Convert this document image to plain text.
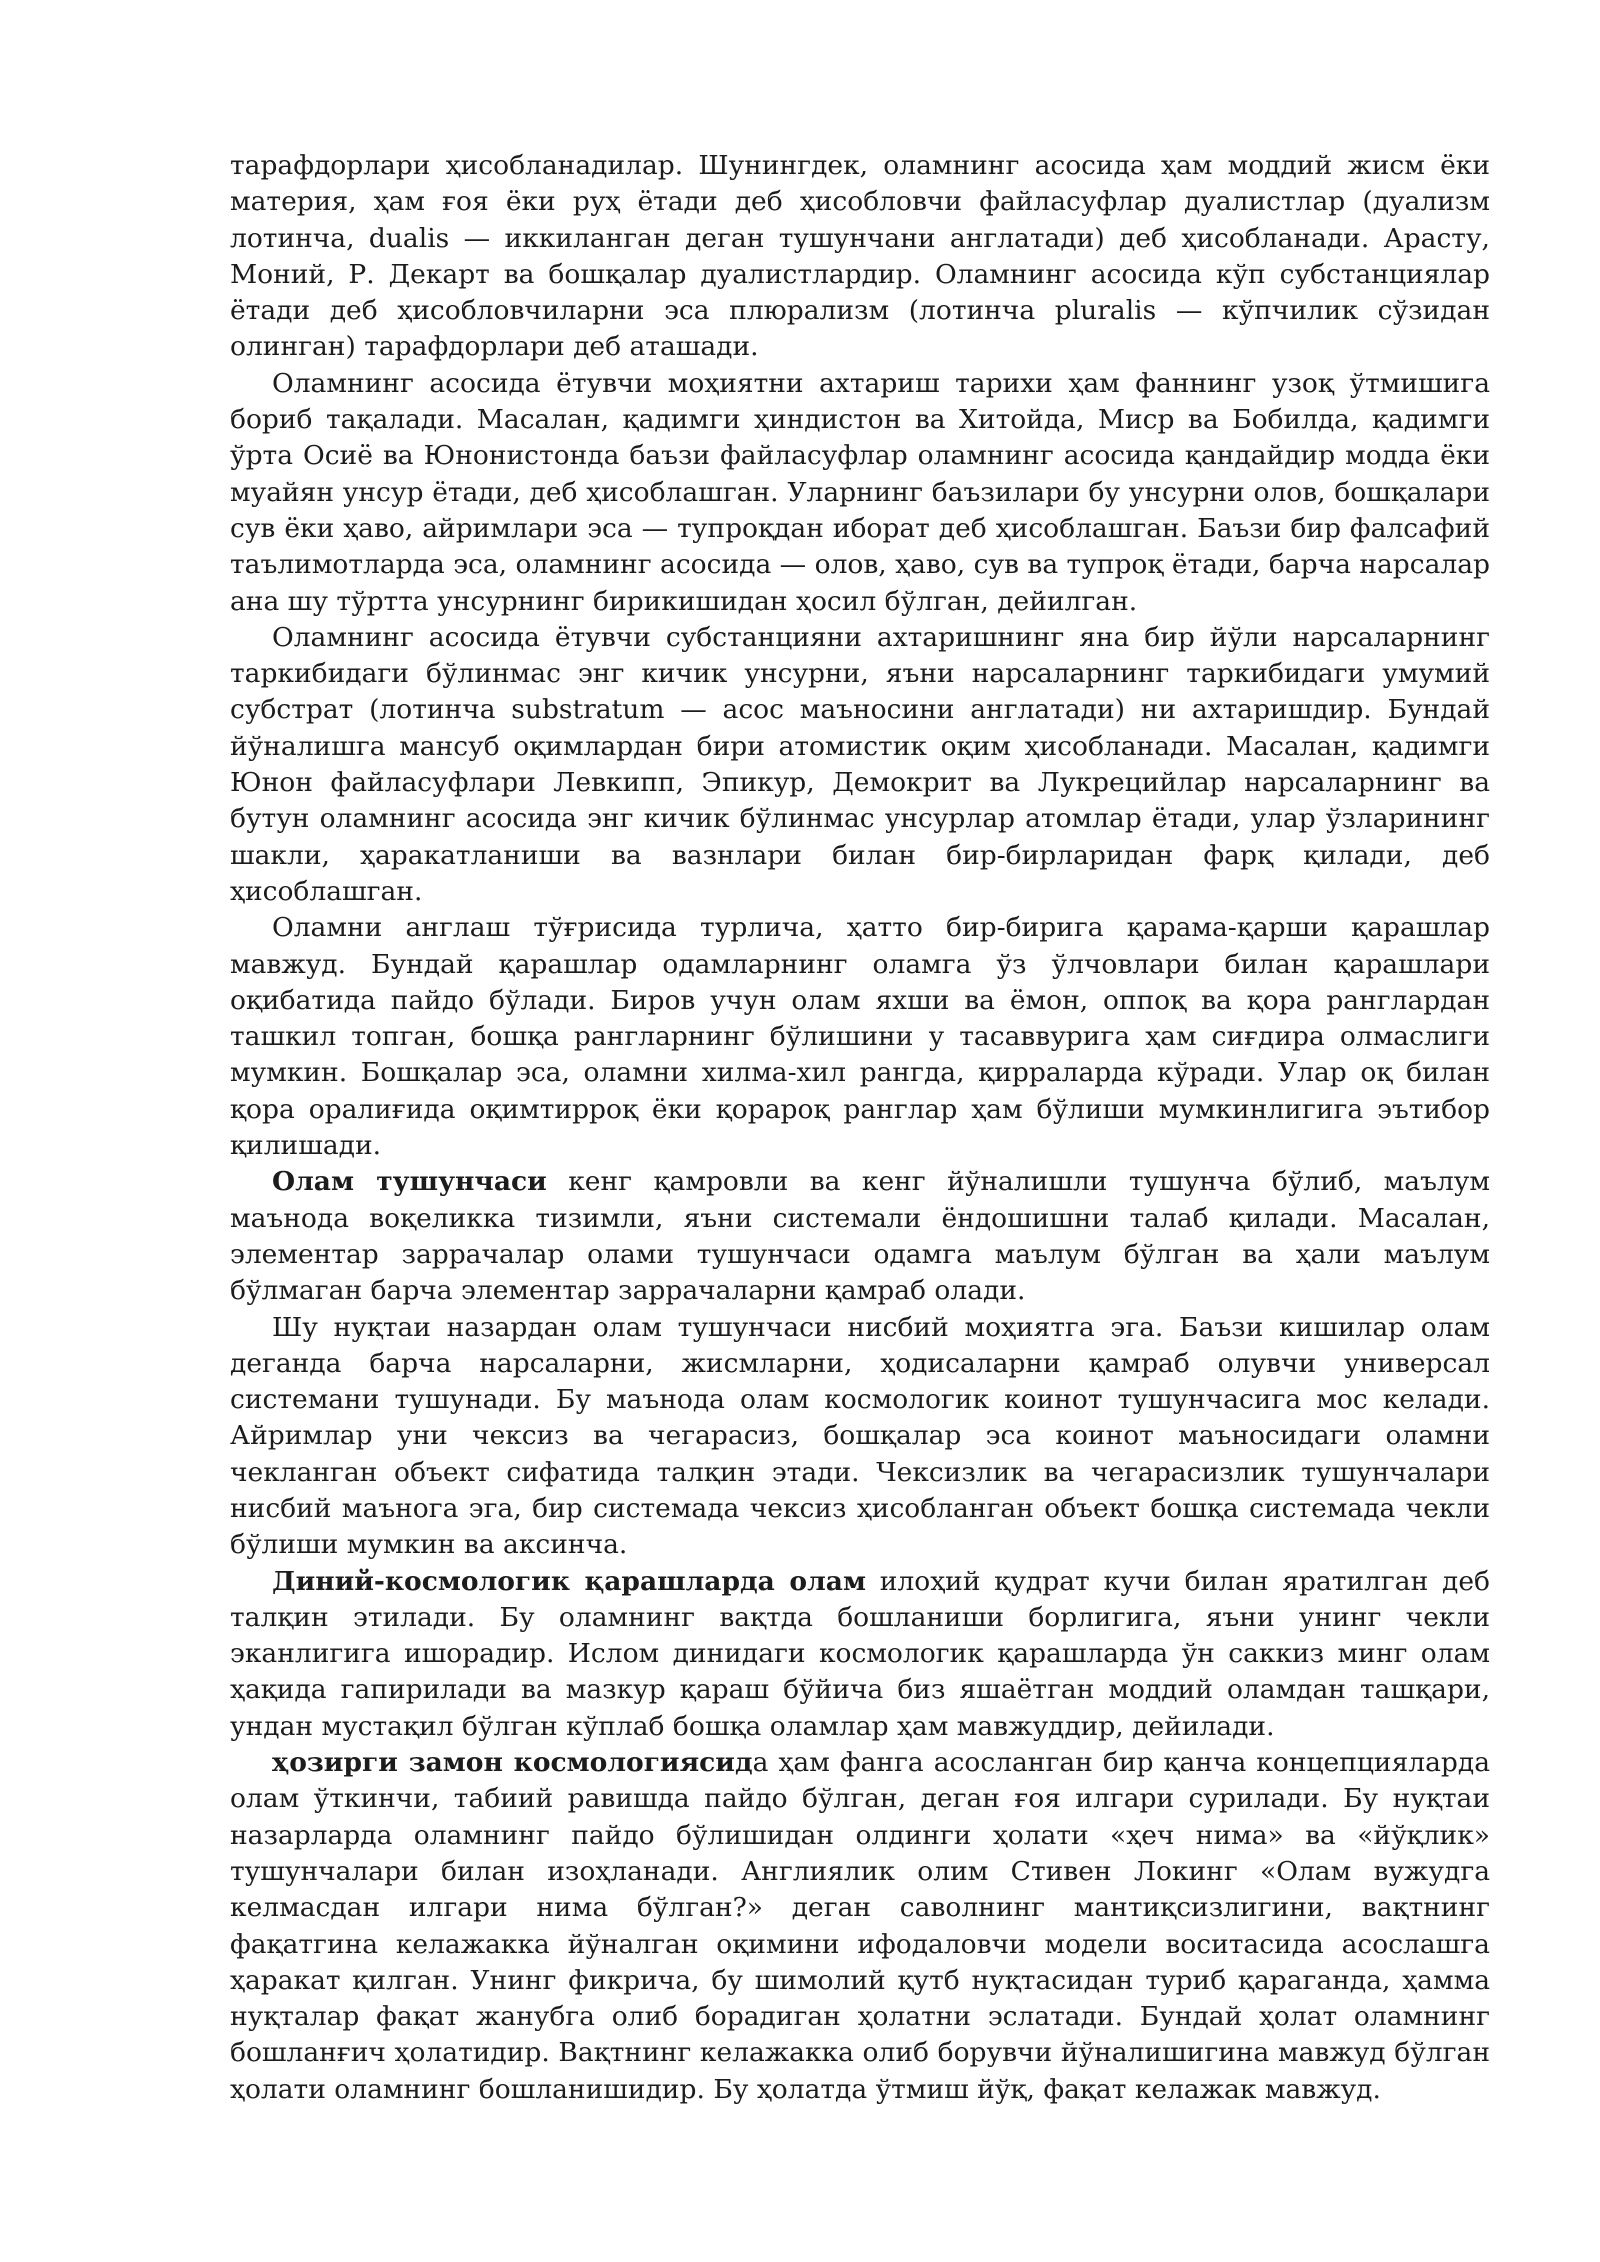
тарафдорлари ҳисобланадилар. Шунингдек, оламнинг асосида ҳам моддий жисм ёки материя, ҳам ғоя ёки руҳ ётади деб ҳисобловчи файласуфлар дуалистлар (дуализм лотинча, dualis — иккиланган деган тушунчани англатади) деб ҳисобланади. Арасту, Моний, Р. Декарт ва бошқалар дуалистлардир. Оламнинг асосида кўп субстанциялар ётади деб ҳисобловчиларни эса плюрализм (лотинча pluralis — кўпчилик сўзидан олинган) тарафдорлари деб аташади.

Оламнинг асосида ётувчи моҳиятни ахтариш тарихи ҳам фаннинг узоқ ўтмишига бориб тақалади. Масалан, қадимги ҳиндистон ва Хитойда, Миср ва Бобилда, қадимги ўрта Осиё ва Юнонистонда баъзи файласуфлар оламнинг асосида қандайдир модда ёки муайян унсур ётади, деб ҳисоблашган. Уларнинг баъзилари бу унсурни олов, бошқалари сув ёки ҳаво, айримлари эса — тупроқдан иборат деб ҳисоблашган. Баъзи бир фалсафий таълимотларда эса, оламнинг асосида — олов, ҳаво, сув ва тупроқ ётади, барча нарсалар ана шу тўртта унсурнинг бирикишидан ҳосил бўлган, дейилган.

Оламнинг асосида ётувчи субстанцияни ахтаришнинг яна бир йўли нарсаларнинг таркибидаги бўлинмас энг кичик унсурни, яъни нарсаларнинг таркибидаги умумий субстрат (лотинча substratum — асос маъносини англатади) ни ахтаришдир. Бундай йўналишга мансуб оқимлардан бири атомистик оқим ҳисобланади. Масалан, қадимги Юнон файласуфлари Левкипп, Эпикур, Демокрит ва Лукрецийлар нарсаларнинг ва бутун оламнинг асосида энг кичик бўлинмас унсурлар атомлар ётади, улар ўзларининг шакли, ҳаракатланиши ва вазнлари билан бир-бирларидан фарқ қилади, деб ҳисоблашган.

Оламни англаш тўғрисида турлича, ҳатто бир-бирига қарама-қарши қарашлар мавжуд. Бундай қарашлар одамларнинг оламга ўз ўлчовлари билан қарашлари оқибатида пайдо бўлади. Биров учун олам яхши ва ёмон, оппоқ ва қора ранглардан ташкил топган, бошқа рангларнинг бўлишини у тасаввурига ҳам сиғдира олмаслиги мумкин. Бошқалар эса, оламни хилма-хил рангда, қирраларда кўради. Улар оқ билан қора оралиғида оқимтирроқ ёки қорароқ ранглар ҳам бўлиши мумкинлигига эътибор қилишади.

Олам тушунчаси кенг қамровли ва кенг йўналишли тушунча бўлиб, маълум маънода воқеликка тизимли, яъни системали ёндошишни талаб қилади. Масалан, элементар заррачалар олами тушунчаси одамга маълум бўлган ва ҳали маълум бўлмаган барча элементар заррачаларни қамраб олади.

Шу нуқтаи назардан олам тушунчаси нисбий моҳиятга эга. Баъзи кишилар олам деганда барча нарсаларни, жисмларни, ҳодисаларни қамраб олувчи универсал системани тушунади. Бу маънода олам космологик коинот тушунчасига мос келади. Айримлар уни чексиз ва чегарасиз, бошқалар эса коинот маъносидаги оламни чекланган объект сифатида талқин этади. Чексизлик ва чегарасизлик тушунчалари нисбий маънога эга, бир системада чексиз ҳисобланган объект бошқа системада чекли бўлиши мумкин ва аксинча.

Диний-космологик қарашларда олам илоҳий қудрат кучи билан яратилган деб талқин этилади. Бу оламнинг вақтда бошланиши борлигига, яъни унинг чекли эканлигига ишорадир. Ислом динидаги космологик қарашларда ўн саккиз минг олам ҳақида гапирилади ва мазкур қараш бўйича биз яшаётган моддий оламдан ташқари, ундан мустақил бўлган кўплаб бошқа оламлар ҳам мавжуддир, дейилади.

ҳозирги замон космологиясида ҳам фанга асосланган бир қанча концепцияларда олам ўткинчи, табиий равишда пайдо бўлган, деган ғоя илгари сурилади. Бу нуқтаи назарларда оламнинг пайдо бўлишидан олдинги ҳолати «ҳеч нима» ва «йўқлик» тушунчалари билан изоҳланади. Англиялик олим Стивен Локинг «Олам вужудга келмасдан илгари нима бўлган?» деган саволнинг мантиқсизлигини, вақтнинг фақатгина келажакка йўналган оқимини ифодаловчи модели воситасида асослашга ҳаракат қилган. Унинг фикрича, бу шимолий қутб нуқтасидан туриб қараганда, ҳамма нуқталар фақат жанубга олиб борадиган ҳолатни эслатади. Бундай ҳолат оламнинг бошланғич ҳолатидир. Вақтнинг келажакка олиб борувчи йўналишигина мавжуд бўлган ҳолати оламнинг бошланишидир. Бу ҳолатда ўтмиш йўқ, фақат келажак мавжуд.
